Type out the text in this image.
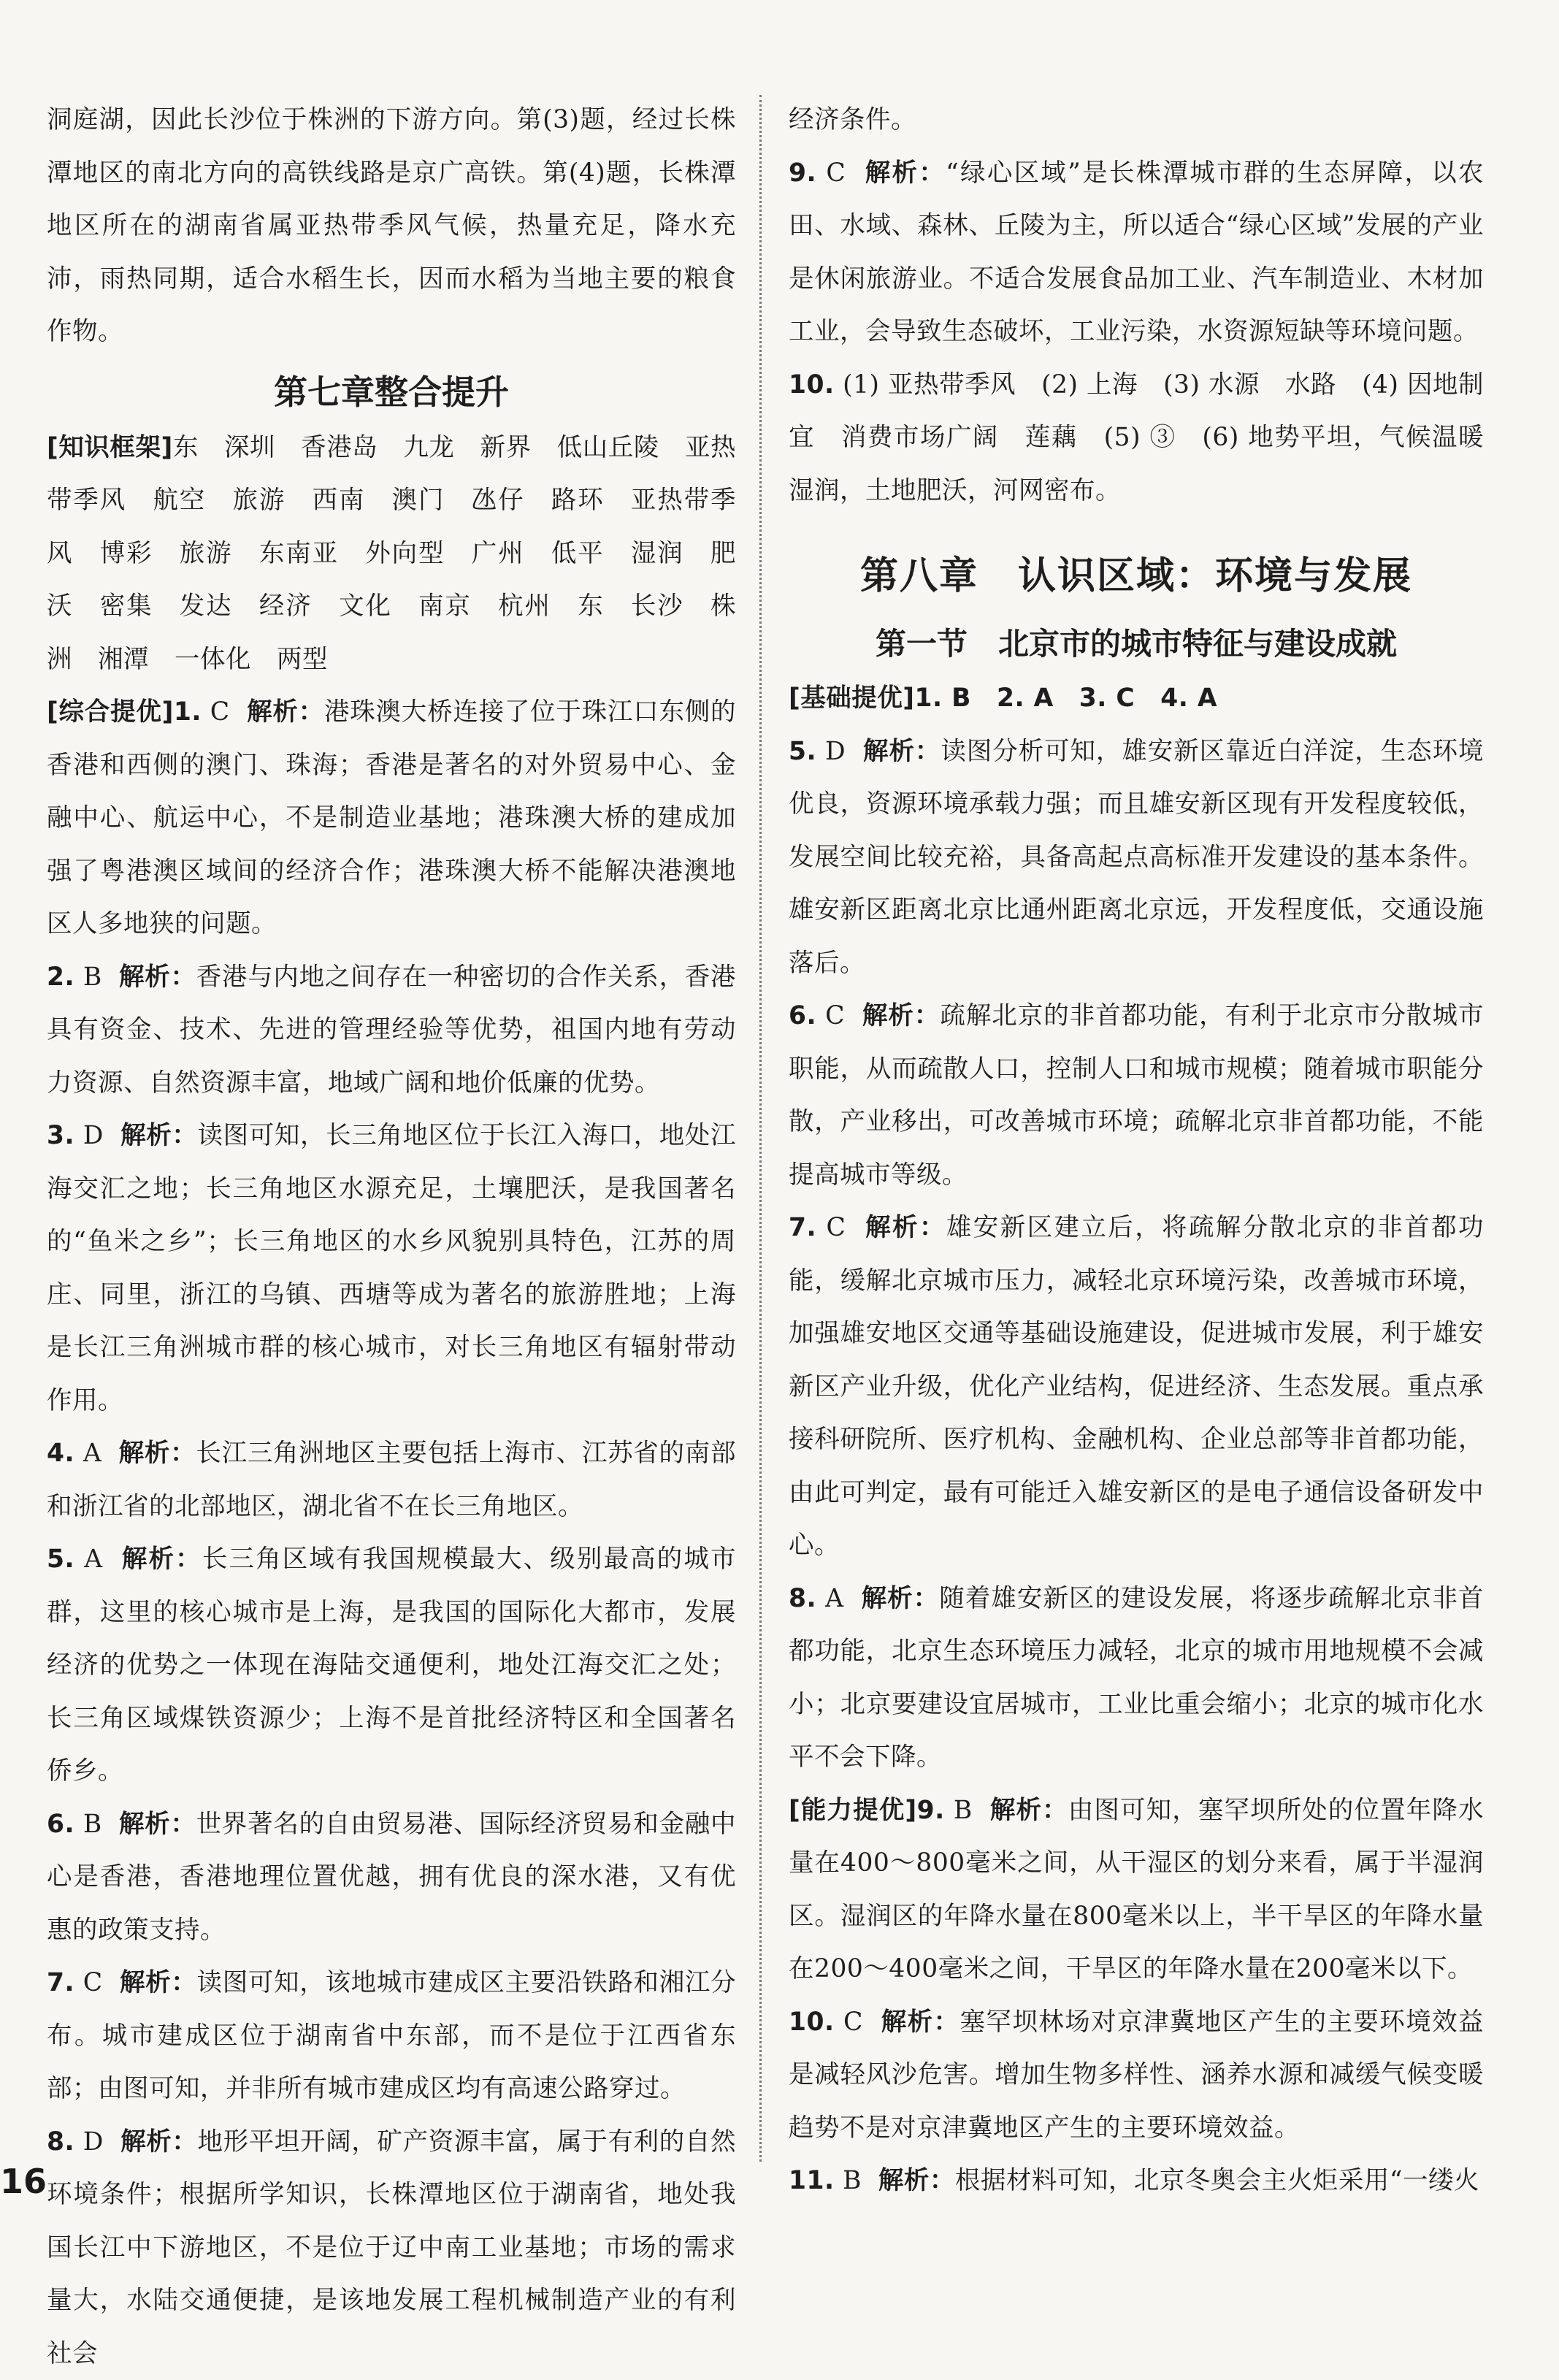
洞庭湖，因此长沙位于株洲的下游方向。第(3)题，经过长株潭地区的南北方向的高铁线路是京广高铁。第(4)题，长株潭地区所在的湖南省属亚热带季风气候，热量充足，降水充沛，雨热同期，适合水稻生长，因而水稻为当地主要的粮食作物。

第七章整合提升

[知识框架]东　深圳　香港岛　九龙　新界　低山丘陵　亚热带季风　航空　旅游　西南　澳门　氹仔　路环　亚热带季风　博彩　旅游　东南亚　外向型　广州　低平　湿润　肥沃　密集　发达　经济　文化　南京　杭州　东　长沙　株洲　湘潭　一体化　两型

[综合提优]1. C 解析：港珠澳大桥连接了位于珠江口东侧的香港和西侧的澳门、珠海；香港是著名的对外贸易中心、金融中心、航运中心，不是制造业基地；港珠澳大桥的建成加强了粤港澳区域间的经济合作；港珠澳大桥不能解决港澳地区人多地狭的问题。

2. B 解析：香港与内地之间存在一种密切的合作关系，香港具有资金、技术、先进的管理经验等优势，祖国内地有劳动力资源、自然资源丰富，地域广阔和地价低廉的优势。

3. D 解析：读图可知，长三角地区位于长江入海口，地处江海交汇之地；长三角地区水源充足，土壤肥沃，是我国著名的“鱼米之乡”；长三角地区的水乡风貌别具特色，江苏的周庄、同里，浙江的乌镇、西塘等成为著名的旅游胜地；上海是长江三角洲城市群的核心城市，对长三角地区有辐射带动作用。

4. A 解析：长江三角洲地区主要包括上海市、江苏省的南部和浙江省的北部地区，湖北省不在长三角地区。

5. A 解析：长三角区域有我国规模最大、级别最高的城市群，这里的核心城市是上海，是我国的国际化大都市，发展经济的优势之一体现在海陆交通便利，地处江海交汇之处；长三角区域煤铁资源少；上海不是首批经济特区和全国著名侨乡。

6. B 解析：世界著名的自由贸易港、国际经济贸易和金融中心是香港，香港地理位置优越，拥有优良的深水港，又有优惠的政策支持。

7. C 解析：读图可知，该地城市建成区主要沿铁路和湘江分布。城市建成区位于湖南省中东部，而不是位于江西省东部；由图可知，并非所有城市建成区均有高速公路穿过。

8. D 解析：地形平坦开阔，矿产资源丰富，属于有利的自然环境条件；根据所学知识，长株潭地区位于湖南省，地处我国长江中下游地区，不是位于辽中南工业基地；市场的需求量大，水陆交通便捷，是该地发展工程机械制造产业的有利社会

经济条件。

9. C 解析：“绿心区域”是长株潭城市群的生态屏障，以农田、水域、森林、丘陵为主，所以适合“绿心区域”发展的产业是休闲旅游业。不适合发展食品加工业、汽车制造业、木材加工业，会导致生态破坏，工业污染，水资源短缺等环境问题。

10. (1) 亚热带季风　(2) 上海　(3) 水源　水路　(4) 因地制宜　消费市场广阔　莲藕　(5) ③　(6) 地势平坦，气候温暖湿润，土地肥沃，河网密布。

第八章　认识区域：环境与发展
第一节　北京市的城市特征与建设成就

[基础提优]1. B　2. A　3. C　4. A

5. D 解析：读图分析可知，雄安新区靠近白洋淀，生态环境优良，资源环境承载力强；而且雄安新区现有开发程度较低，发展空间比较充裕，具备高起点高标准开发建设的基本条件。雄安新区距离北京比通州距离北京远，开发程度低，交通设施落后。

6. C 解析：疏解北京的非首都功能，有利于北京市分散城市职能，从而疏散人口，控制人口和城市规模；随着城市职能分散，产业移出，可改善城市环境；疏解北京非首都功能，不能提高城市等级。

7. C 解析：雄安新区建立后，将疏解分散北京的非首都功能，缓解北京城市压力，减轻北京环境污染，改善城市环境，加强雄安地区交通等基础设施建设，促进城市发展，利于雄安新区产业升级，优化产业结构，促进经济、生态发展。重点承接科研院所、医疗机构、金融机构、企业总部等非首都功能，由此可判定，最有可能迁入雄安新区的是电子通信设备研发中心。

8. A 解析：随着雄安新区的建设发展，将逐步疏解北京非首都功能，北京生态环境压力减轻，北京的城市用地规模不会减小；北京要建设宜居城市，工业比重会缩小；北京的城市化水平不会下降。

[能力提优]9. B 解析：由图可知，塞罕坝所处的位置年降水量在400～800毫米之间，从干湿区的划分来看，属于半湿润区。湿润区的年降水量在800毫米以上，半干旱区的年降水量在200～400毫米之间，干旱区的年降水量在200毫米以下。

10. C 解析：塞罕坝林场对京津冀地区产生的主要环境效益是减轻风沙危害。增加生物多样性、涵养水源和减缓气候变暖趋势不是对京津冀地区产生的主要环境效益。

11. B 解析：根据材料可知，北京冬奥会主火炬采用“一缕火

16
